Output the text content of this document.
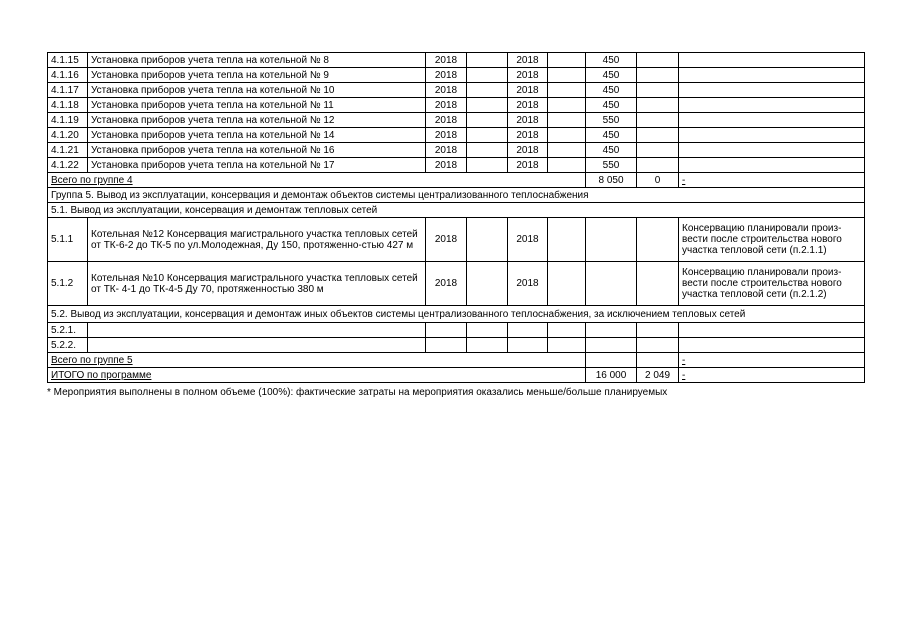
4.1.15	Установка приборов учета тепла на котельной № 8	2018		2018		450		
4.1.16	Установка приборов учета тепла на котельной № 9	2018		2018		450		
4.1.17	Установка приборов учета тепла на котельной № 10	2018		2018		450		
4.1.18	Установка приборов учета тепла на котельной № 11	2018		2018		450		
4.1.19	Установка приборов учета тепла на котельной № 12	2018		2018		550		
4.1.20	Установка приборов учета тепла на котельной № 14	2018		2018		450		
4.1.21	Установка приборов учета тепла на котельной № 16	2018		2018		450		
4.1.22	Установка приборов учета тепла на котельной № 17	2018		2018		550		
Всего по группе 4						8 050	0	-
Группа 5. Вывод из эксплуатации, консервация и демонтаж объектов системы централизованного теплоснабжения								
5.1. Вывод из эксплуатации, консервация и демонтаж тепловых сетей								
5.1.1	Котельная №12 Консервация магистрального участка тепловых сетей от ТК-6-2 до ТК-5 по ул.Молодежная, Ду 150, протяженно-стью 427 м	2018		2018				Консервацию планировали произ-вести после строительства нового участка тепловой сети (п.2.1.1)
5.1.2	Котельная №10 Консервация магистрального участка тепловых сетей от ТК- 4-1 до ТК-4-5 Ду 70, протяженностью 380 м	2018		2018				Консервацию планировали произ-вести после строительства нового участка тепловой сети (п.2.1.2)
5.2. Вывод из эксплуатации, консервация и демонтаж иных объектов системы централизованного теплоснабжения, за исключением тепловых сетей								
5.2.1.								
5.2.2.								
Всего по группе 5								-
ИТОГО по программе						16 000	2 049	-
* Мероприятия выполнены в полном объеме (100%): фактические затраты на мероприятия оказались меньше/больше планируемых
